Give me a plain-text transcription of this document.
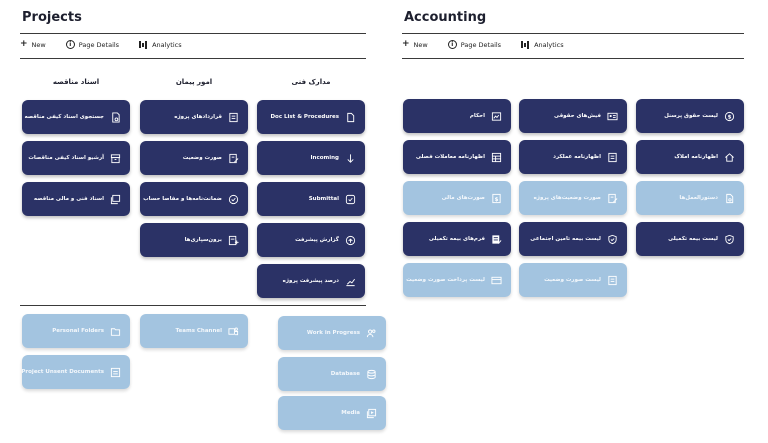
Projects
+ New	i	Page Details	Analytics
اسناد مناقصه	امور پیمان	مدارک فنی
جستجوی اسناد کیفی مناقصه
آرشیو اسناد کیفی مناقصات
اسناد فنی و مالی مناقصه
قراردادهای پروژه
صورت وضعیت
ضمانت‌نامه‌ها و مفاصا حساب
برون‌سپاری‌ها
Doc List & Procedures
Incoming
Submittal
گزارش پیشرفت
درصد پیشرفت پروژه
Personal Folders
Project Unsent Documents
Teams Channel	Work in Progress
Database
Media
Accounting
+ New	i	Page Details	Analytics
احکام	فیش‌های حقوقی	لیست حقوق پرسنل $
اظهارنامه معاملات فصلی	اظهارنامه عملکرد	اظهارنامه املاک
صورت‌های مالی $	صورت وضعیت‌های پروژه	دستورالعمل‌ها
فرم‌های بیمه تکمیلی	لیست بیمه تامین اجتماعی	لیست بیمه تکمیلی
لیست پرداخت صورت وضعیت	لیست صورت وضعیت
